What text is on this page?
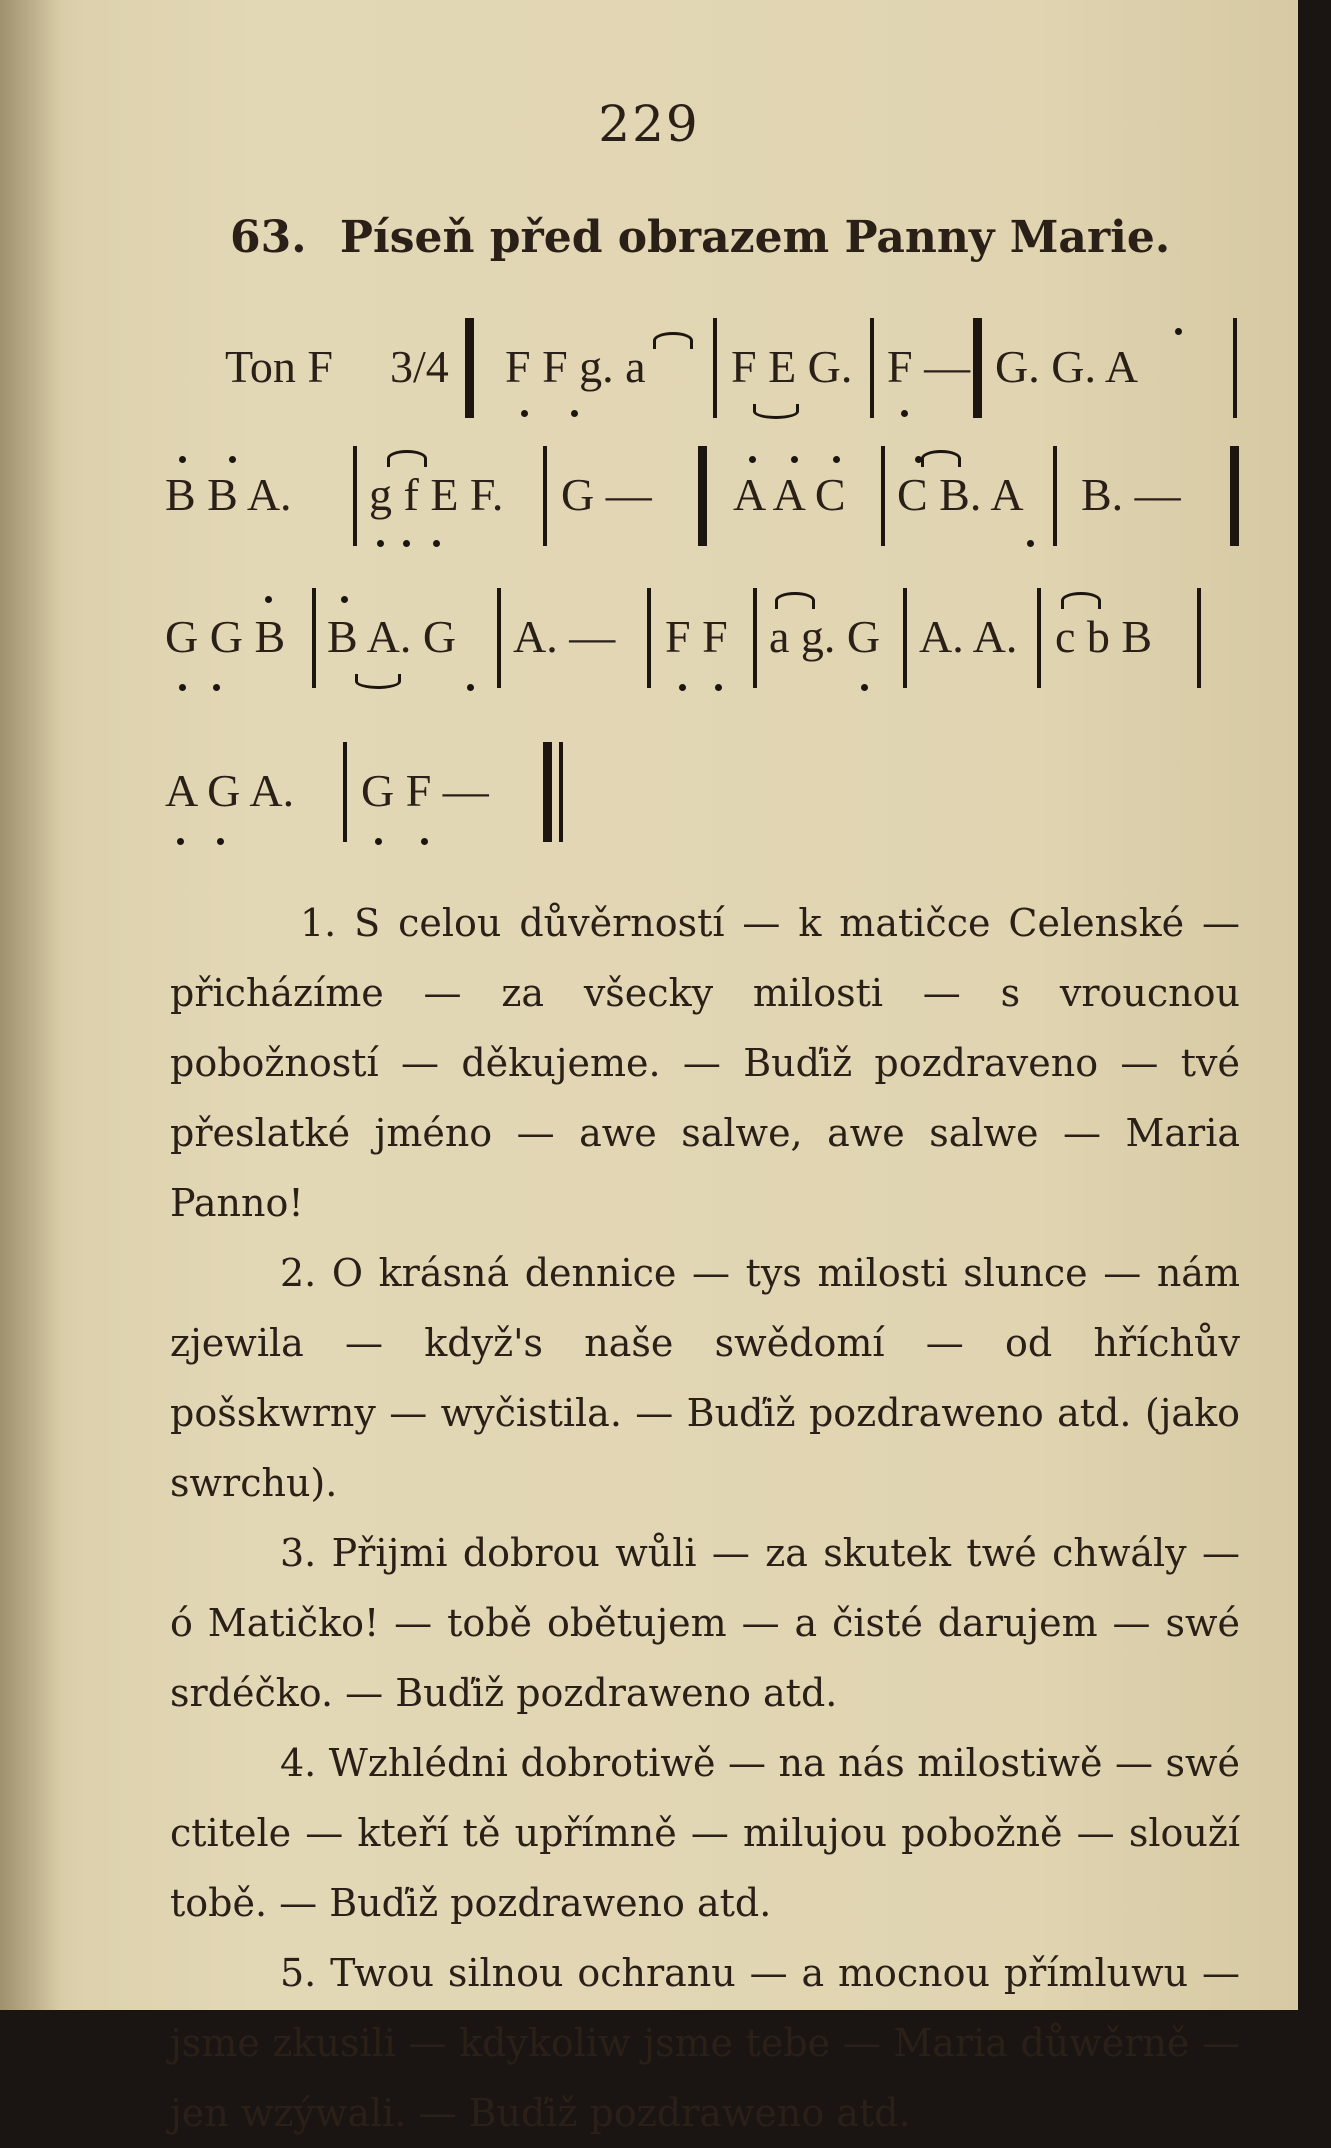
229
63. Píseň před obrazem Panny Marie.
Ton F 3/4 F F g. a F E G. F — G. G. A
B B A. g f E F. G — A A C C B. A B. —
G G B B A. G A. — F F a g. G A. A. c b B
A G A. G F —

1. S celou důvěrností — k matičce Celenské — přicházíme — za všecky milosti — s vroucnou pobožností — děkujeme. — Buďiž pozdraveno — tvé přeslatké jméno — awe salwe, awe salwe — Maria Panno!

2. O krásná dennice — tys milosti slunce — nám zjewila — když's naše swědomí — od hříchův pošskwrny — wyčistila. — Buďiž pozdraweno atd. (jako swrchu).

3. Přijmi dobrou wůli — za skutek twé chwály — ó Matičko! — tobě obětujem — a čisté darujem — swé srdéčko. — Buďiž pozdraweno atd.

4. Wzhlédni dobrotiwě — na nás milostiwě — swé ctitele — kteří tě upřímně — milujou pobožně — slouží tobě. — Buďiž pozdraweno atd.

5. Twou silnou ochranu — a mocnou přímluwu — jsme zkusili — kdykoliw jsme tebe — Maria důwěrně — jen wzýwali. — Buďiž pozdraweno atd.
